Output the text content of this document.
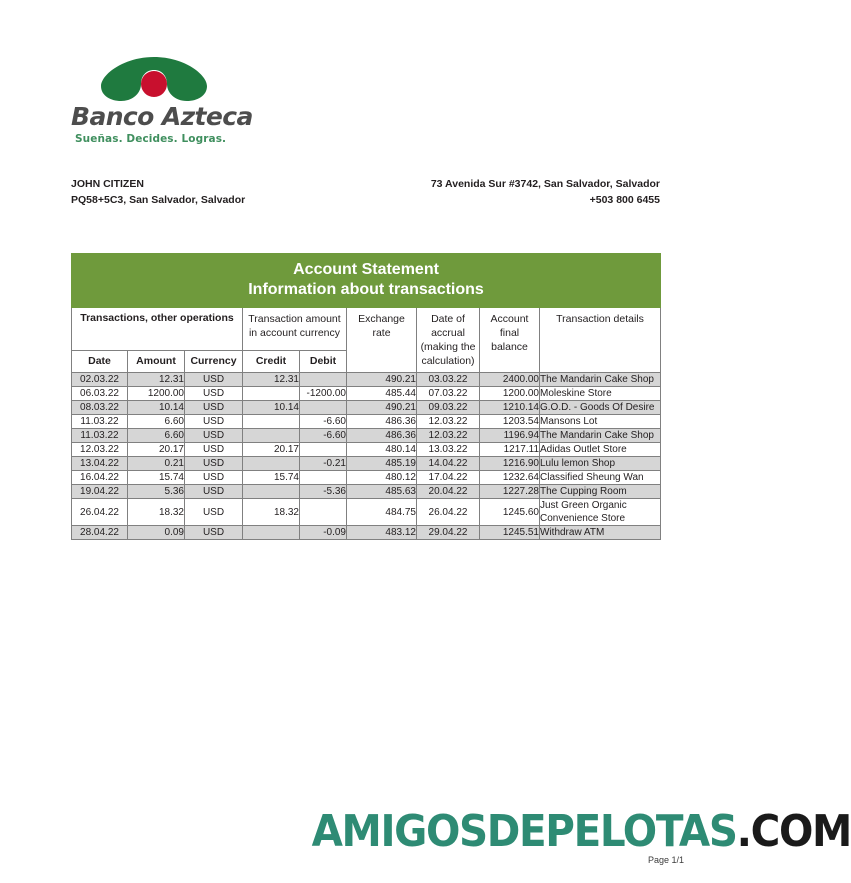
Banco Azteca
Sueñas. Decides. Logras.
JOHN CITIZEN
PQ58+5C3, San Salvador, Salvador
73 Avenida Sur #3742, San Salvador, Salvador
+503 800 6455
Account Statement
Information about transactions								

Transactions, other operations			Transaction amount in account currency		Exchange rate	Date of accrual (making the calculation)	Account final balance	Transaction details
Date	Amount	Currency	Credit	Debit				
02.03.22	12.31	USD	12.31		490.21	03.03.22	2400.00	The Mandarin Cake Shop
06.03.22	1200.00	USD		-1200.00	485.44	07.03.22	1200.00	Moleskine Store
08.03.22	10.14	USD	10.14		490.21	09.03.22	1210.14	G.O.D. - Goods Of Desire
11.03.22	6.60	USD		-6.60	486.36	12.03.22	1203.54	Mansons Lot
11.03.22	6.60	USD		-6.60	486.36	12.03.22	1196.94	The Mandarin Cake Shop
12.03.22	20.17	USD	20.17		480.14	13.03.22	1217.11	Adidas Outlet Store
13.04.22	0.21	USD		-0.21	485.19	14.04.22	1216.90	Lulu lemon Shop
16.04.22	15.74	USD	15.74		480.12	17.04.22	1232.64	Classified Sheung Wan
19.04.22	5.36	USD		-5.36	485.63	20.04.22	1227.28	The Cupping Room
26.04.22	18.32	USD	18.32		484.75	26.04.22	1245.60	Just Green Organic Convenience Store
28.04.22	0.09	USD		-0.09	483.12	29.04.22	1245.51	Withdraw ATM
AMIGOSDEPELOTAS.COM
Page 1/1
